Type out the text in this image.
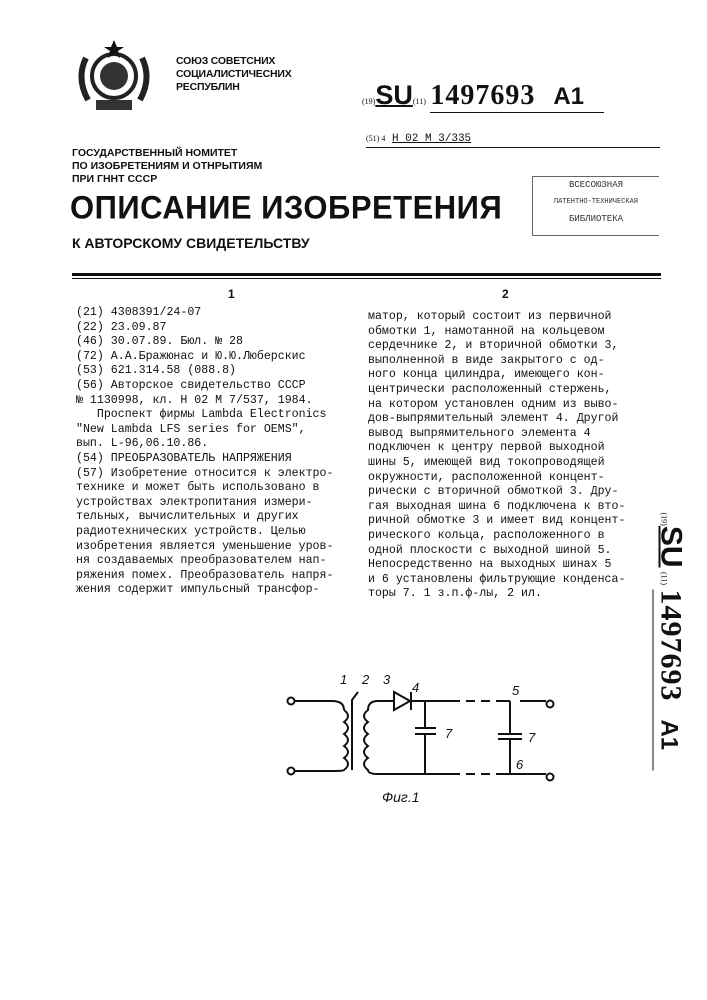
СОЮЗ СОВЕТСНИХ
СОЦИАЛИСТИЧЕСНИХ
РЕСПУБЛИН
(19)SU(11) 1497693 A1
(51) 4 H 02 M 3/335
ГОСУДАРСТВЕННЫЙ НОМИТЕТ
ПО ИЗОБРЕТЕНИЯМ И ОТНРЫТИЯМ
ПРИ ГННТ СССР	ВСЕСОЮЗНАЯ
ПАТЕНТНО-ТЕХНИЧЕСКАЯ
БИБЛИОТЕКА
ОПИСАНИЕ ИЗОБРЕТЕНИЯ
К АВТОРСКОМУ СВИДЕТЕЛЬСТВУ
1	2
(21) 4308391/24-07
(22) 23.09.87
(46) 30.07.89. Бюл. № 28
(72) А.А.Бражюнас и Ю.Ю.Люберскис
(53) 621.314.58 (088.8)
(56) Авторское свидетельство СССР
№ 1130998, кл. H 02 M 7/537, 1984.
Проспект фирмы Lambda Electronics
"New Lambda LFS series for OEMS",
вып. L-96,06.10.86.
(54) ПРЕОБРАЗОВАТЕЛЬ НАПРЯЖЕНИЯ
(57) Изобретение относится к электро-
технике и может быть использовано в
устройствах электропитания измери-
тельных, вычислительных и других
радиотехнических устройств. Целью
изобретения является уменьшение уров-
ня создаваемых преобразователем нап-
ряжения помех. Преобразователь напря-
жения содержит импульсный трансфор-
матор, который состоит из первичной
обмотки 1, намотанной на кольцевом
сердечнике 2, и вторичной обмотки 3,
выполненной в виде закрытого с од-
ного конца цилиндра, имеющего кон-
центрически расположенный стержень,
на котором установлен одним из выво-
дов-выпрямительный элемент 4. Другой
вывод выпрямительного элемента 4
подключен к центру первой выходной
шины 5, имеющей вид токопроводящей
окружности, расположенной концент-
рически с вторичной обмоткой 3. Дру-
гая выходная шина 6 подключена к вто-
ричной обмотке 3 и имеет вид концент-
рического кольца, расположенного в
одной плоскости с выходной шиной 5.
Непосредственно на выходных шинах 5
и 6 установлены фильтрующие конденса-
торы 7. 1 з.п.ф-лы, 2 ил.
1 2 3
4	5
6
7	7
Фиг.1
(19)SU (11) 1497693A1
